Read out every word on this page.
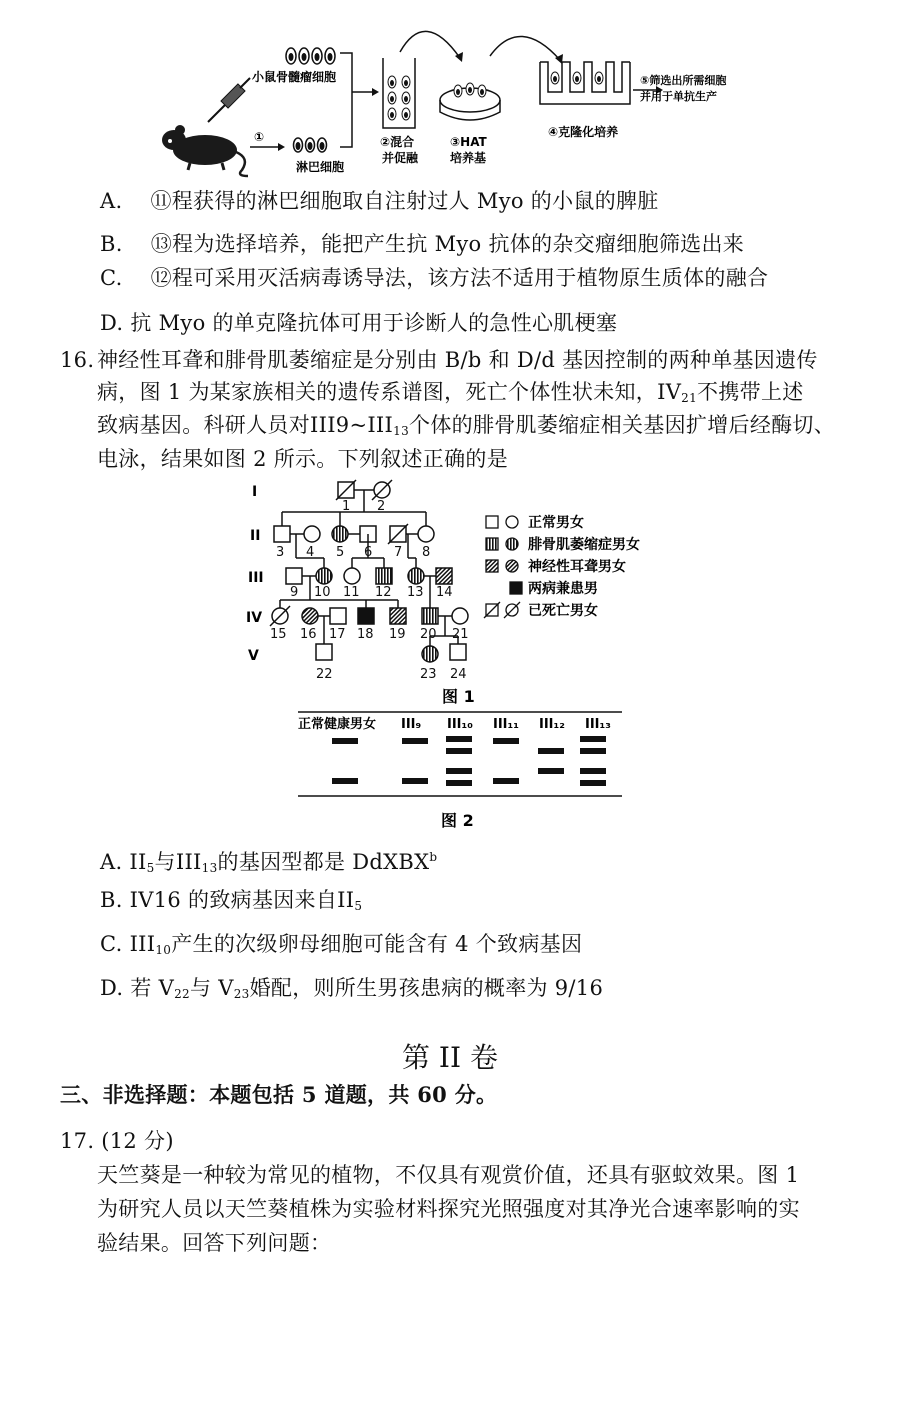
小鼠骨髓瘤细胞
①
淋巴细胞
②混合
并促融
③HAT
培养基
④克隆化培养
⑤筛选出所需细胞
并用于单抗生产
A. ⑪程获得的淋巴细胞取自注射过人 Myo 的小鼠的脾脏
B. ⑬程为选择培养，能把产生抗 Myo 抗体的杂交瘤细胞筛选出来
C. ⑫程可采用灭活病毒诱导法，该方法不适用于植物原生质体的融合
D. 抗 Myo 的单克隆抗体可用于诊断人的急性心肌梗塞
16. 神经性耳聋和腓骨肌萎缩症是分别由 B/b 和 D/d 基因控制的两种单基因遗传
病，图 1 为某家族相关的遗传系谱图，死亡个体性状未知，$IV_{21}$不携带上述
致病基因。科研人员对$III9\sim III_{13}$个体的腓骨肌萎缩症相关基因扩增后经酶切、
电泳，结果如图 2 所示。下列叙述正确的是
I
II
III
IV
V
1 2
3 4 5 6 7 8
9 10 11 12 13 14
15 16 17 18 19 20 21
22	23 24
正常男女
腓骨肌萎缩症男女
神经性耳聋男女
两病兼患男
已死亡男女
图 1
正常健康男女 III₉ III₁₀ III₁₁ III₁₂ III₁₃
图 2
A. $II_5$与$III_{13}$的基因型都是 DdXBX$^b$
B. IV16 的致病基因来自$II_5$
C. $III_{10}$产生的次级卵母细胞可能含有 4 个致病基因
D. 若 $V_{22}$与 $V_{23}$婚配，则所生男孩患病的概率为 9/16
第 II 卷
三、非选择题：本题包括 5 道题，共 60 分。
17. (12 分)
天竺葵是一种较为常见的植物，不仅具有观赏价值，还具有驱蚊效果。图 1
为研究人员以天竺葵植株为实验材料探究光照强度对其净光合速率影响的实
验结果。回答下列问题：
